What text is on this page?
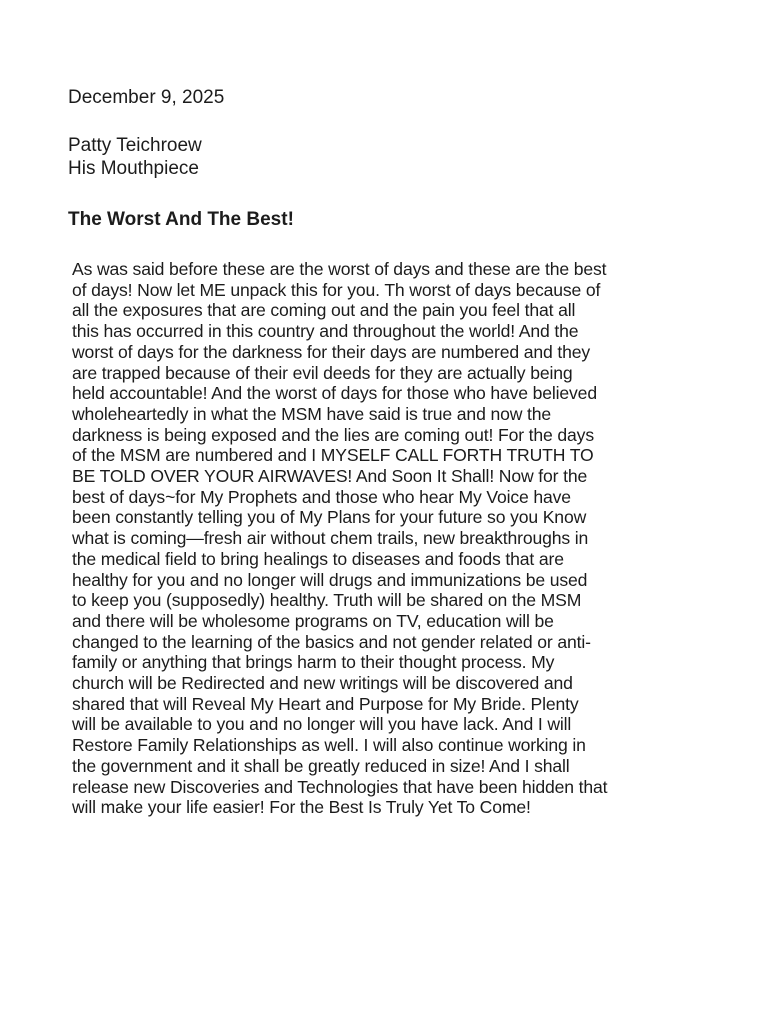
December 9, 2025

Patty Teichroew
His Mouthpiece
The Worst And The Best!
As was said before these are the worst of days and these are the best
of days! Now let ME unpack this for you. Th worst of days because of
all the exposures that are coming out and the pain you feel that all
this has occurred in this country and throughout the world! And the
worst of days for the darkness for their days are numbered and they
are trapped because of their evil deeds for they are actually being
held accountable! And the worst of days for those who have believed
wholeheartedly in what the MSM have said is true and now the
darkness is being exposed and the lies are coming out! For the days
of the MSM are numbered and I MYSELF CALL FORTH TRUTH TO
BE TOLD OVER YOUR AIRWAVES! And Soon It Shall! Now for the
best of days~for My Prophets and those who hear My Voice have
been constantly telling you of My Plans for your future so you Know
what is coming—fresh air without chem trails, new breakthroughs in
the medical field to bring healings to diseases and foods that are
healthy for you and no longer will drugs and immunizations be used
to keep you (supposedly) healthy. Truth will be shared on the MSM
and there will be wholesome programs on TV, education will be
changed to the learning of the basics and not gender related or anti-
family or anything that brings harm to their thought process. My
church will be Redirected and new writings will be discovered and
shared that will Reveal My Heart and Purpose for My Bride. Plenty
will be available to you and no longer will you have lack. And I will
Restore Family Relationships as well. I will also continue working in
the government and it shall be greatly reduced in size! And I shall
release new Discoveries and Technologies that have been hidden that
will make your life easier! For the Best Is Truly Yet To Come!
